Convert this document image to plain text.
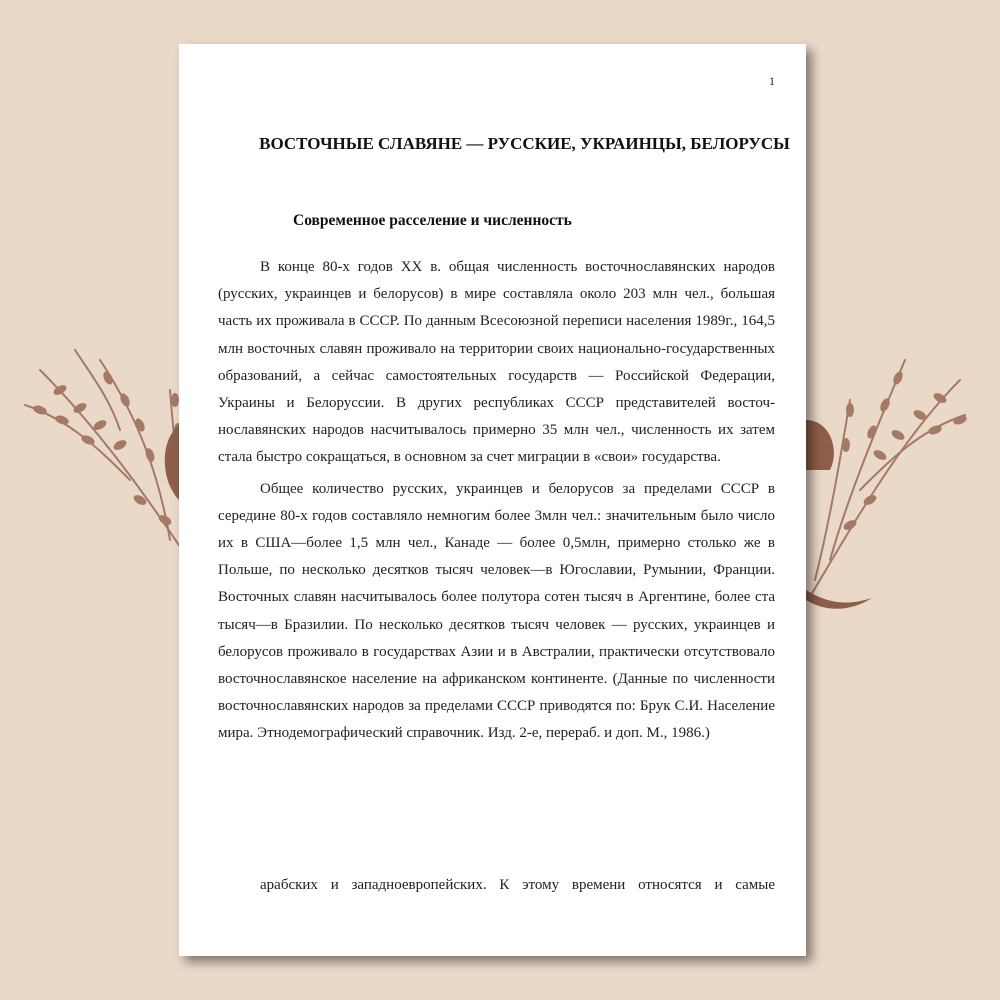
1
ВОСТОЧНЫЕ СЛАВЯНЕ — РУССКИЕ, УКРАИНЦЫ, БЕЛОРУСЫ
Современное расселение и численность

В конце 80-х годов XX в. общая численность восточнославянских народов (русских, украинцев и белорусов) в мире составляла около 203 млн чел., большая часть их проживала в СССР. По данным Всесоюзной переписи населения 1989г., 164,5 млн восточных славян проживало на территории своих национально-государственных образований, а сейчас самостоятельных государств — Российской Федерации, Украины и Белоруссии. В других республиках СССР представителей восточ-нославянских народов насчитывалось примерно 35 млн чел., численность их затем стала быстро сокращаться, в основном за счет миграции в «свои» государства.

Общее количество русских, украинцев и белорусов за пределами СССР в середине 80-х годов составляло немногим более 3млн чел.: значительным было число их в США—более 1,5 млн чел., Канаде — более 0,5млн, примерно столько же в Польше, по несколько десятков тысяч человек—в Югославии, Румынии, Франции. Восточных славян насчитывалось более полутора сотен тысяч в Аргентине, более ста тысяч—в Бразилии. По несколько десятков тысяч человек — русских, украинцев и белорусов проживало в государствах Азии и в Австралии, практически отсутствовало восточнославянское население на африканском континенте. (Данные по численности восточнославянских народов за пределами СССР приводятся по: Брук С.И. Население мира. Этнодемографический справочник. Изд. 2-е, перераб. и доп. М., 1986.)

арабских и западноевропейских. К этому времени относятся и самые
